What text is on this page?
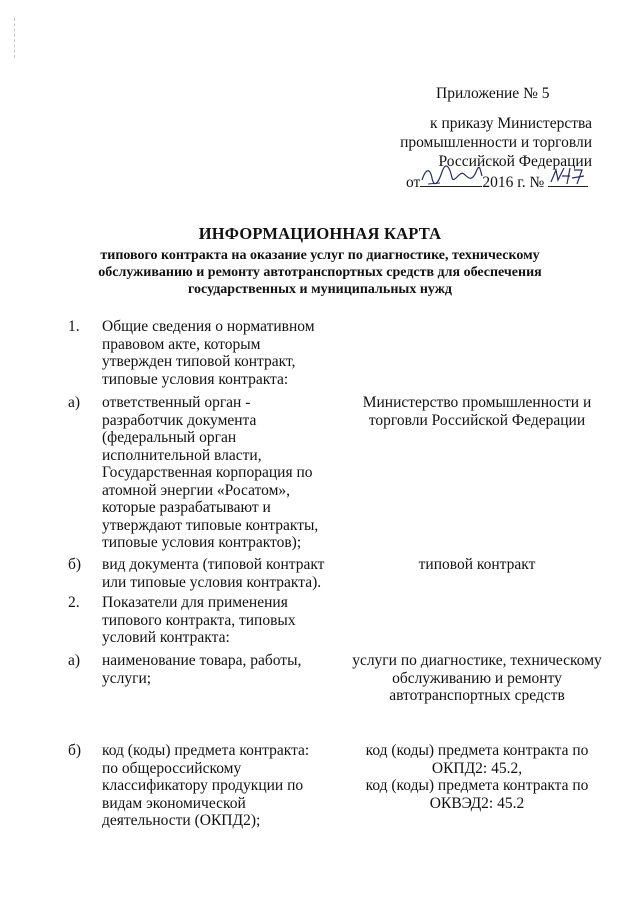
Приложение № 5
к приказу Министерства
промышленности и торговли
Российской Федерации
от	2016 г. №
ИНФОРМАЦИОННАЯ КАРТА
типового контракта на оказание услуг по диагностике, техническому
обслуживанию и ремонту автотранспортных средств для обеспечения
государственных и муниципальных нужд
1. Общие сведения о нормативном
правовом акте, которым
утвержден типовой контракт,
типовые условия контракта:
а) ответственный орган -
разработчик документа
(федеральный орган
исполнительной власти,
Государственная корпорация по
атомной энергии «Росатом»,
которые разрабатывают и
утверждают типовые контракты,
типовые условия контрактов);
Министерство промышленности и
торговли Российской Федерации
б) вид документа (типовой контракт
или типовые условия контракта).
типовой контракт
2. Показатели для применения
типового контракта, типовых
условий контракта:
а) наименование товара, работы,
услуги;
услуги по диагностике, техническому
обслуживанию и ремонту
автотранспортных средств
б) код (коды) предмета контракта:
по общероссийскому
классификатору продукции по
видам экономической
деятельности (ОКПД2);
код (коды) предмета контракта по
ОКПД2: 45.2,
код (коды) предмета контракта по
ОКВЭД2: 45.2
